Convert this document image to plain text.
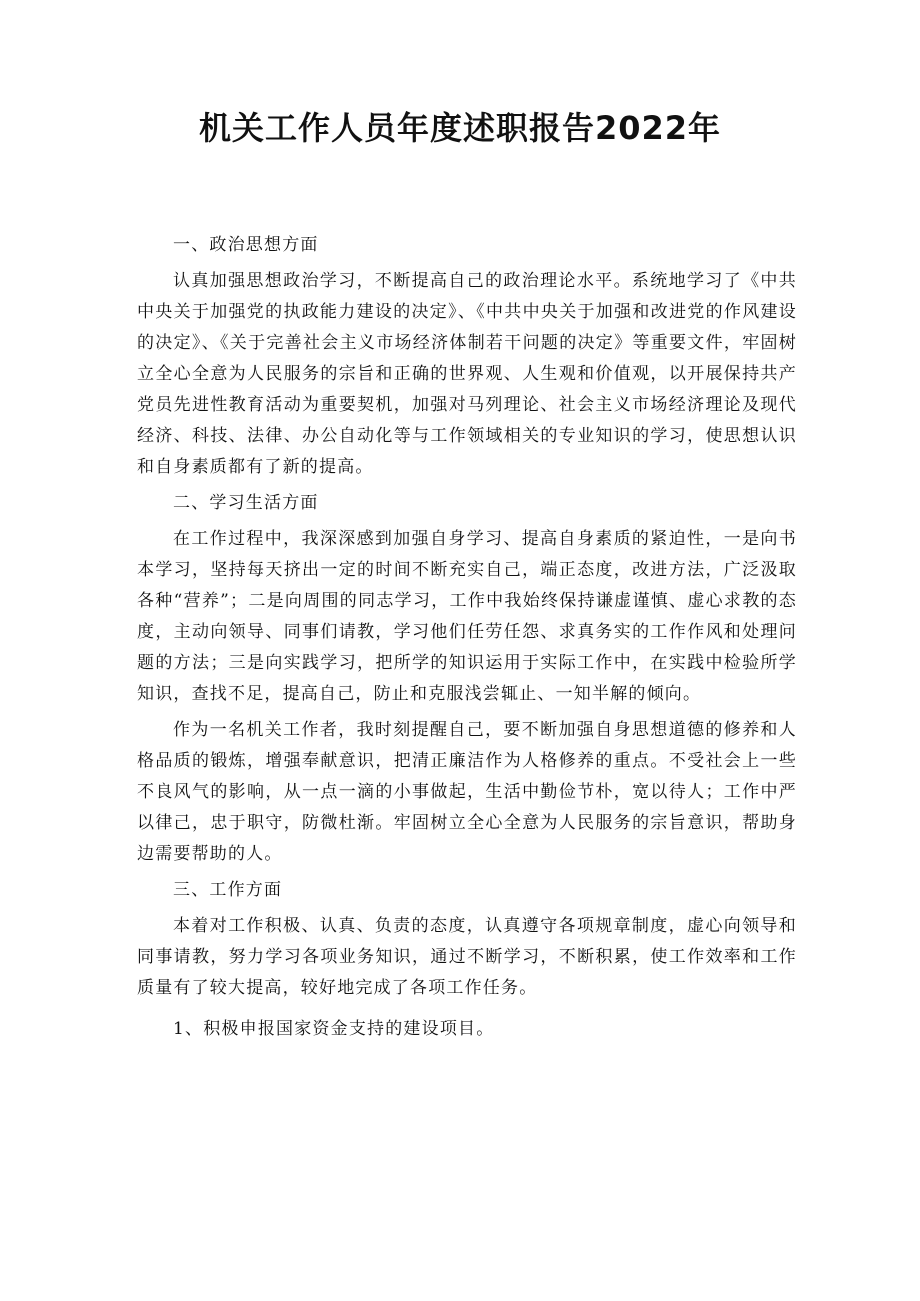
机关工作人员年度述职报告2022年

一、政治思想方面

认真加强思想政治学习，不断提高自己的政治理论水平。系统地学习了《中共中央关于加强党的执政能力建设的决定》、《中共中央关于加强和改进党的作风建设的决定》、《关于完善社会主义市场经济体制若干问题的决定》等重要文件，牢固树立全心全意为人民服务的宗旨和正确的世界观、人生观和价值观，以开展保持共产党员先进性教育活动为重要契机，加强对马列理论、社会主义市场经济理论及现代经济、科技、法律、办公自动化等与工作领域相关的专业知识的学习，使思想认识和自身素质都有了新的提高。

二、学习生活方面

在工作过程中，我深深感到加强自身学习、提高自身素质的紧迫性，一是向书本学习，坚持每天挤出一定的时间不断充实自己，端正态度，改进方法，广泛汲取各种“营养”；二是向周围的同志学习，工作中我始终保持谦虚谨慎、虚心求教的态度，主动向领导、同事们请教，学习他们任劳任怨、求真务实的工作作风和处理问题的方法；三是向实践学习，把所学的知识运用于实际工作中，在实践中检验所学知识，查找不足，提高自己，防止和克服浅尝辄止、一知半解的倾向。

作为一名机关工作者，我时刻提醒自己，要不断加强自身思想道德的修养和人格品质的锻炼，增强奉献意识，把清正廉洁作为人格修养的重点。不受社会上一些不良风气的影响，从一点一滴的小事做起，生活中勤俭节朴，宽以待人；工作中严以律己，忠于职守，防微杜渐。牢固树立全心全意为人民服务的宗旨意识，帮助身边需要帮助的人。

三、工作方面

本着对工作积极、认真、负责的态度，认真遵守各项规章制度，虚心向领导和同事请教，努力学习各项业务知识，通过不断学习，不断积累，使工作效率和工作质量有了较大提高，较好地完成了各项工作任务。

1、积极申报国家资金支持的建设项目。
